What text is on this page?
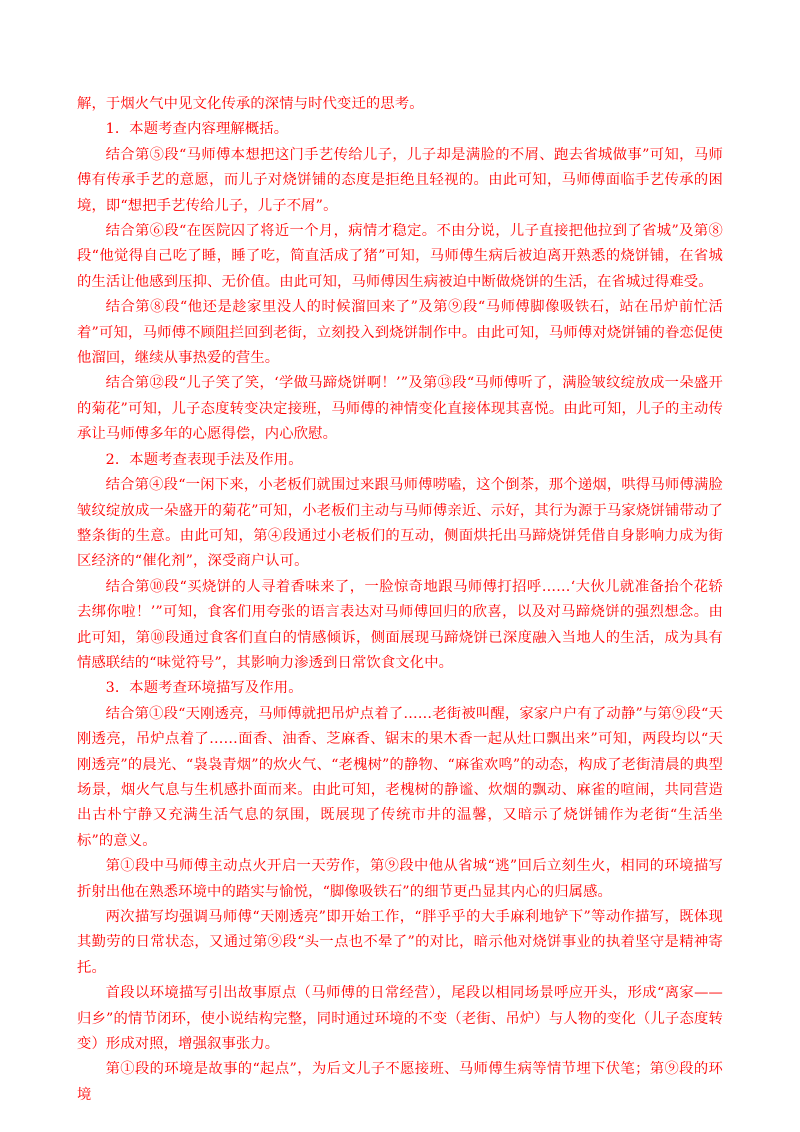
解，于烟火气中见文化传承的深情与时代变迁的思考。

1．本题考查内容理解概括。

结合第⑤段“马师傅本想把这门手艺传给儿子，儿子却是满脸的不屑、跑去省城做事”可知，马师傅有传承手艺的意愿，而儿子对烧饼铺的态度是拒绝且轻视的。由此可知，马师傅面临手艺传承的困境，即“想把手艺传给儿子，儿子不屑”。

结合第⑥段“在医院囚了将近一个月，病情才稳定。不由分说，儿子直接把他拉到了省城”及第⑧段“他觉得自己吃了睡，睡了吃，简直活成了猪”可知，马师傅生病后被迫离开熟悉的烧饼铺，在省城的生活让他感到压抑、无价值。由此可知，马师傅因生病被迫中断做烧饼的生活，在省城过得难受。

结合第⑧段“他还是趁家里没人的时候溜回来了”及第⑨段“马师傅脚像吸铁石，站在吊炉前忙活着”可知，马师傅不顾阻拦回到老街，立刻投入到烧饼制作中。由此可知，马师傅对烧饼铺的眷恋促使他溜回，继续从事热爱的营生。

结合第⑫段“儿子笑了笑，‘学做马蹄烧饼啊！’”及第⑬段“马师傅听了，满脸皱纹绽放成一朵盛开的菊花”可知，儿子态度转变决定接班，马师傅的神情变化直接体现其喜悦。由此可知，儿子的主动传承让马师傅多年的心愿得偿，内心欣慰。

2．本题考查表现手法及作用。

结合第④段“一闲下来，小老板们就围过来跟马师傅唠嗑，这个倒茶，那个递烟，哄得马师傅满脸皱纹绽放成一朵盛开的菊花”可知，小老板们主动与马师傅亲近、示好，其行为源于马家烧饼铺带动了整条街的生意。由此可知，第④段通过小老板们的互动，侧面烘托出马蹄烧饼凭借自身影响力成为街区经济的“催化剂”，深受商户认可。

结合第⑩段“买烧饼的人寻着香味来了，一脸惊奇地跟马师傅打招呼……‘大伙儿就准备抬个花轿去绑你啦！’”可知，食客们用夸张的语言表达对马师傅回归的欣喜，以及对马蹄烧饼的强烈想念。由此可知，第⑩段通过食客们直白的情感倾诉，侧面展现马蹄烧饼已深度融入当地人的生活，成为具有情感联结的“味觉符号”，其影响力渗透到日常饮食文化中。

3．本题考查环境描写及作用。

结合第①段“天刚透亮，马师傅就把吊炉点着了……老街被叫醒，家家户户有了动静”与第⑨段“天刚透亮，吊炉点着了……面香、油香、芝麻香、锯末的果木香一起从灶口飘出来”可知，两段均以“天刚透亮”的晨光、“袅袅青烟”的炊火气、“老槐树”的静物、“麻雀欢鸣”的动态，构成了老街清晨的典型场景，烟火气息与生机感扑面而来。由此可知，老槐树的静谧、炊烟的飘动、麻雀的喧闹，共同营造出古朴宁静又充满生活气息的氛围，既展现了传统市井的温馨，又暗示了烧饼铺作为老街“生活坐标”的意义。

第①段中马师傅主动点火开启一天劳作，第⑨段中他从省城“逃”回后立刻生火，相同的环境描写折射出他在熟悉环境中的踏实与愉悦，“脚像吸铁石”的细节更凸显其内心的归属感。

两次描写均强调马师傅“天刚透亮”即开始工作，“胖乎乎的大手麻利地铲下”等动作描写，既体现其勤劳的日常状态，又通过第⑨段“头一点也不晕了”的对比，暗示他对烧饼事业的执着坚守是精神寄托。

首段以环境描写引出故事原点（马师傅的日常经营），尾段以相同场景呼应开头，形成“离家——归乡”的情节闭环，使小说结构完整，同时通过环境的不变（老街、吊炉）与人物的变化（儿子态度转变）形成对照，增强叙事张力。

第①段的环境是故事的“起点”，为后文儿子不愿接班、马师傅生病等情节埋下伏笔；第⑨段的环境
